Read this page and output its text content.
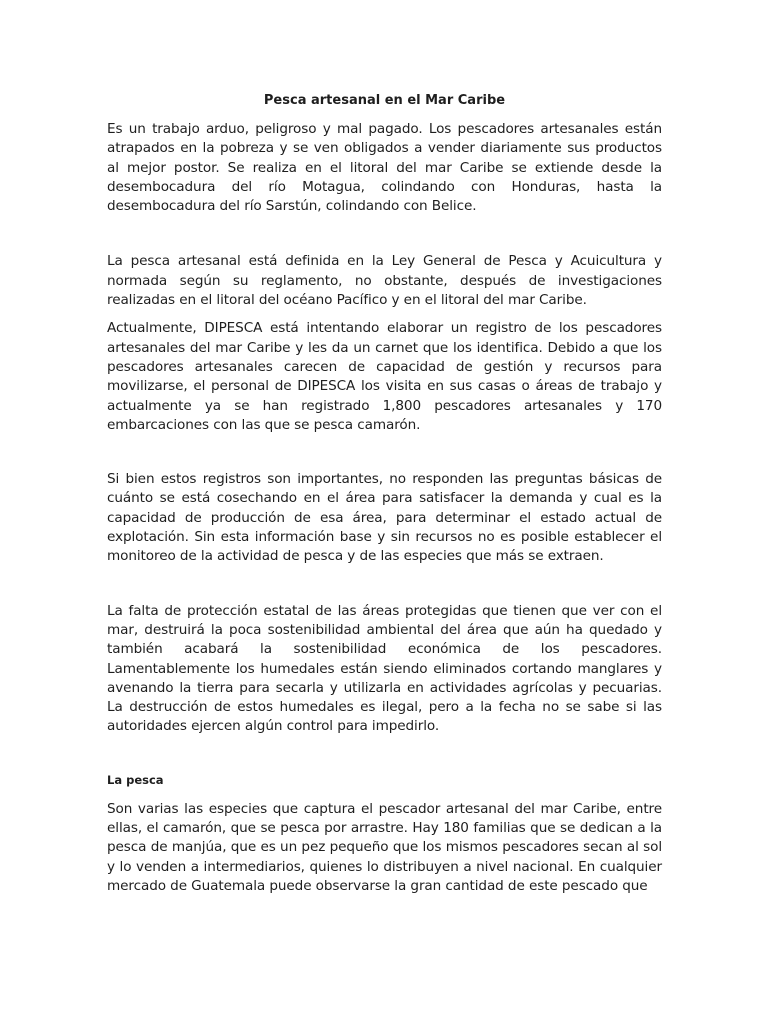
Pesca artesanal en el Mar Caribe

Es un trabajo arduo, peligroso y mal pagado. Los pescadores artesanales están atrapados en la pobreza y se ven obligados a vender diariamente sus productos al mejor postor. Se realiza en el litoral del mar Caribe se extiende desde la desembocadura del río Motagua, colindando con Honduras, hasta la desembocadura del río Sarstún, colindando con Belice.

La pesca artesanal está definida en la Ley General de Pesca y Acuicultura y normada según su reglamento, no obstante, después de investigaciones realizadas en el litoral del océano Pacífico y en el litoral del mar Caribe.

Actualmente, DIPESCA está intentando elaborar un registro de los pescadores artesanales del mar Caribe y les da un carnet que los identifica. Debido a que los pescadores artesanales carecen de capacidad de gestión y recursos para movilizarse, el personal de DIPESCA los visita en sus casas o áreas de trabajo y actualmente ya se han registrado 1,800 pescadores artesanales y 170 embarcaciones con las que se pesca camarón.

Si bien estos registros son importantes, no responden las preguntas básicas de cuánto se está cosechando en el área para satisfacer la demanda y cual es la capacidad de producción de esa área, para determinar el estado actual de explotación. Sin esta información base y sin recursos no es posible establecer el monitoreo de la actividad de pesca y de las especies que más se extraen.

La falta de protección estatal de las áreas protegidas que tienen que ver con el mar, destruirá la poca sostenibilidad ambiental del área que aún ha quedado y también acabará la sostenibilidad económica de los pescadores. Lamentablemente los humedales están siendo eliminados cortando manglares y avenando la tierra para secarla y utilizarla en actividades agrícolas y pecuarias. La destrucción de estos humedales es ilegal, pero a la fecha no se sabe si las autoridades ejercen algún control para impedirlo.

La pesca

Son varias las especies que captura el pescador artesanal del mar Caribe, entre ellas, el camarón, que se pesca por arrastre. Hay 180 familias que se dedican a la pesca de manjúa, que es un pez pequeño que los mismos pescadores secan al sol y lo venden a intermediarios, quienes lo distribuyen a nivel nacional. En cualquier mercado de Guatemala puede observarse la gran cantidad de este pescado que
